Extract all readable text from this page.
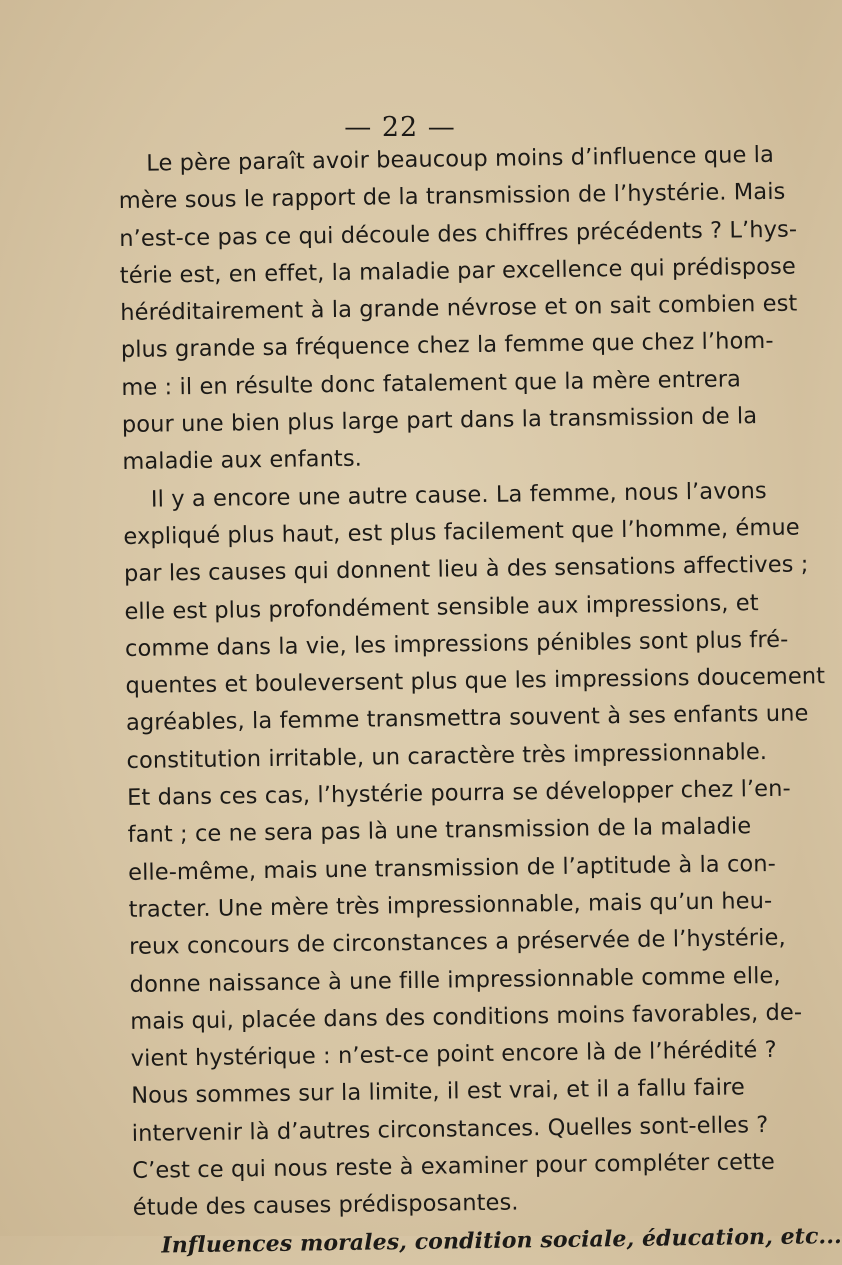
— 22 —
Le père paraît avoir beaucoup moins d’influence que la
mère sous le rapport de la transmission de l’hystérie. Mais
n’est-ce pas ce qui découle des chiffres précédents ? L’hys-
térie est, en effet, la maladie par excellence qui prédispose
héréditairement à la grande névrose et on sait combien est
plus grande sa fréquence chez la femme que chez l’hom-
me : il en résulte donc fatalement que la mère entrera
pour une bien plus large part dans la transmission de la
maladie aux enfants.
Il y a encore une autre cause. La femme, nous l’avons
expliqué plus haut, est plus facilement que l’homme, émue
par les causes qui donnent lieu à des sensations affectives ;
elle est plus profondément sensible aux impressions, et
comme dans la vie, les impressions pénibles sont plus fré-
quentes et bouleversent plus que les impressions doucement
agréables, la femme transmettra souvent à ses enfants une
constitution irritable, un caractère très impressionnable.
Et dans ces cas, l’hystérie pourra se développer chez l’en-
fant ; ce ne sera pas là une transmission de la maladie
elle-même, mais une transmission de l’aptitude à la con-
tracter. Une mère très impressionnable, mais qu’un heu-
reux concours de circonstances a préservée de l’hystérie,
donne naissance à une fille impressionnable comme elle,
mais qui, placée dans des conditions moins favorables, de-
vient hystérique : n’est-ce point encore là de l’hérédité ?
Nous sommes sur la limite, il est vrai, et il a fallu faire
intervenir là d’autres circonstances. Quelles sont-elles ?
C’est ce qui nous reste à examiner pour compléter cette
étude des causes prédisposantes.
Influences morales, condition sociale, éducation, etc...
